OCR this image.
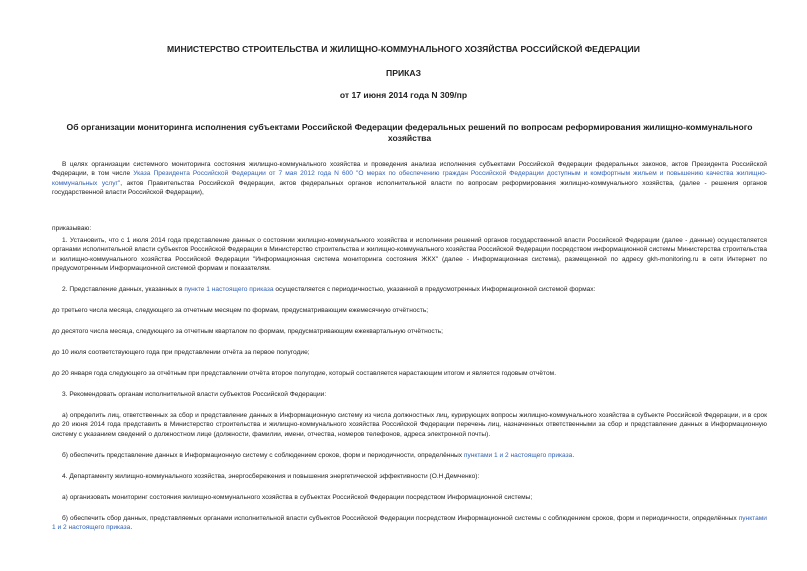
МИНИСТЕРСТВО СТРОИТЕЛЬСТВА И ЖИЛИЩНО-КОММУНАЛЬНОГО ХОЗЯЙСТВА РОССИЙСКОЙ ФЕДЕРАЦИИ
ПРИКАЗ
от 17 июня 2014 года N 309/пр
Об организации мониторинга исполнения субъектами Российской Федерации федеральных решений по вопросам реформирования жилищно-коммунального хозяйства

В целях организации системного мониторинга состояния жилищно-коммунального хозяйства и проведения анализа исполнения субъектами Российской Федерации федеральных законов, актов Президента Российской Федерации, в том числе Указа Президента Российской Федерации от 7 мая 2012 года N 600 "О мерах по обеспечению граждан Российской Федерации доступным и комфортным жильем и повышению качества жилищно-коммунальных услуг", актов Правительства Российской Федерации, актов федеральных органов исполнительной власти по вопросам реформирования жилищно-коммунального хозяйства, (далее - решения органов государственной власти Российской Федерации),

приказываю:

1. Установить, что с 1 июля 2014 года представление данных о состоянии жилищно-коммунального хозяйства и исполнении решений органов государственной власти Российской Федерации (далее - данные) осуществляется органами исполнительной власти субъектов Российской Федерации в Министерство строительства и жилищно-коммунального хозяйства Российской Федерации посредством информационной системы Министерства строительства и жилищно-коммунального хозяйства Российской Федерации "Информационная система мониторинга состояния ЖКХ" (далее - Информационная система), размещенной по адресу gkh-monitoring.ru в сети Интернет по предусмотренным Информационной системой формам и показателям.

2. Представление данных, указанных в пункте 1 настоящего приказа осуществляется с периодичностью, указанной в предусмотренных Информационной системой формах:

до третьего числа месяца, следующего за отчетным месяцем по формам, предусматривающим ежемесячную отчётность;

до десятого числа месяца, следующего за отчетным кварталом по формам, предусматривающим ежеквартальную отчётность;

до 10 июля соответствующего года при представлении отчёта за первое полугодие;

до 20 января года следующего за отчётным при представлении отчёта второе полугодие, который составляется нарастающим итогом и является годовым отчётом.

3. Рекомендовать органам исполнительной власти субъектов Российской Федерации:

а) определить лиц, ответственных за сбор и представление данных в Информационную систему из числа должностных лиц, курирующих вопросы жилищно-коммунального хозяйства в субъекте Российской Федерации, и в срок до 20 июня 2014 года представить в Министерство строительства и жилищно-коммунального хозяйства Российской Федерации перечень лиц, назначенных ответственными за сбор и представление данных в Информационную систему с указанием сведений о должностном лице (должности, фамилии, имени, отчества, номеров телефонов, адреса электронной почты).

б) обеспечить представление данных в Информационную систему с соблюдением сроков, форм и периодичности, определённых пунктами 1 и 2 настоящего приказа.

4. Департаменту жилищно-коммунального хозяйства, энергосбережения и повышения энергетической эффективности (О.Н.Демченко):

а) организовать мониторинг состояния жилищно-коммунального хозяйства в субъектах Российской Федерации посредством Информационной системы;

б) обеспечить сбор данных, представляемых органами исполнительной власти субъектов Российской Федерации посредством Информационной системы с соблюдением сроков, форм и периодичности, определённых пунктами 1 и 2 настоящего приказа.
